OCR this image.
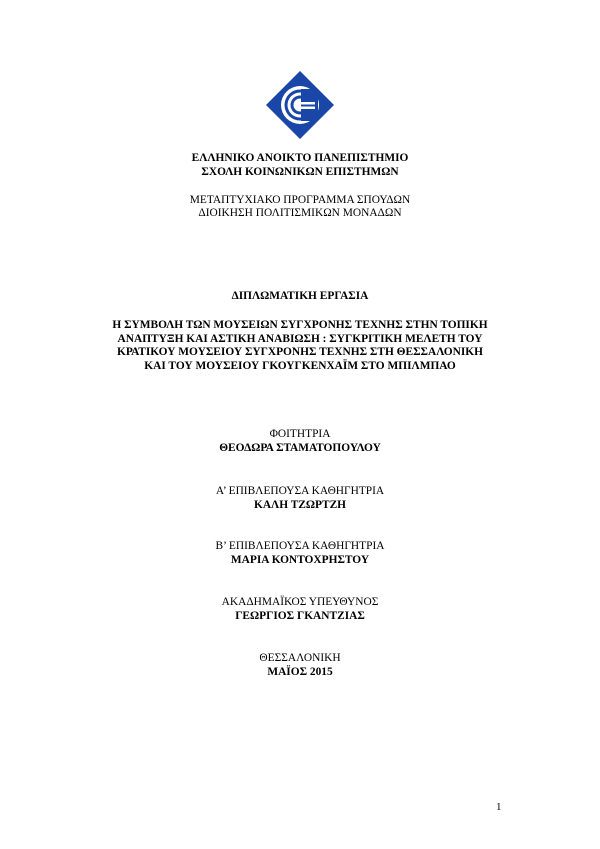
ΕΛΛΗΝΙΚΟ ΑΝΟΙΚΤΟ ΠΑΝΕΠΙΣΤΗΜΙΟ
ΣΧΟΛΗ ΚΟΙΝΩΝΙΚΩΝ ΕΠΙΣΤΗΜΩΝ
ΜΕΤΑΠΤΥΧΙΑΚΟ ΠΡΟΓΡΑΜΜΑ ΣΠΟΥΔΩΝ
ΔΙΟΙΚΗΣΗ ΠΟΛΙΤΙΣΜΙΚΩΝ ΜΟΝΑΔΩΝ
ΔΙΠΛΩΜΑΤΙΚΗ ΕΡΓΑΣΙΑ
Η ΣΥΜΒΟΛΗ ΤΩΝ ΜΟΥΣΕΙΩΝ ΣΥΓΧΡΟΝΗΣ ΤΕΧΝΗΣ ΣΤΗΝ ΤΟΠΙΚΗ
ΑΝΑΠΤΥΞΗ ΚΑΙ ΑΣΤΙΚΗ ΑΝΑΒΙΩΣΗ : ΣΥΓΚΡΙΤΙΚΗ ΜΕΛΕΤΗ ΤΟΥ
ΚΡΑΤΙΚΟΥ ΜΟΥΣΕΙΟΥ ΣΥΓΧΡΟΝΗΣ ΤΕΧΝΗΣ ΣΤΗ ΘΕΣΣΑΛΟΝΙΚΗ
ΚΑΙ ΤΟΥ ΜΟΥΣΕΙΟΥ ΓΚΟΥΓΚΕΝΧΑΪΜ ΣΤΟ ΜΠΙΛΜΠΑΟ
ΦΟΙΤΗΤΡΙΑ
ΘΕΟΔΩΡΑ ΣΤΑΜΑΤΟΠΟΥΛΟΥ
Α’ ΕΠΙΒΛΕΠΟΥΣΑ ΚΑΘΗΓΗΤΡΙΑ
ΚΑΛΗ ΤΖΩΡΤΖΗ
Β’ ΕΠΙΒΛΕΠΟΥΣΑ ΚΑΘΗΓΗΤΡΙΑ
ΜΑΡΙΑ ΚΟΝΤΟΧΡΗΣΤΟΥ
ΑΚΑΔΗΜΑΪΚΟΣ ΥΠΕΥΘΥΝΟΣ
ΓΕΩΡΓΙΟΣ ΓΚΑΝΤΖΙΑΣ
ΘΕΣΣΑΛΟΝΙΚΗ
ΜΑΪΟΣ 2015
1
